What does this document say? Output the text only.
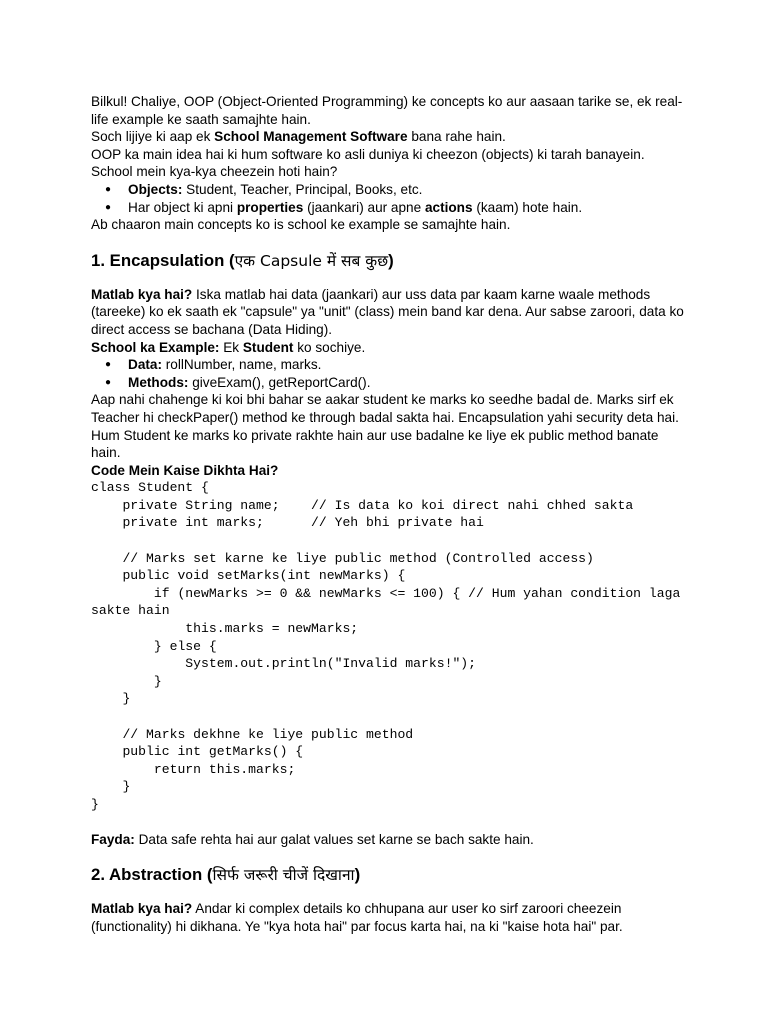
Bilkul! Chaliye, OOP (Object-Oriented Programming) ke concepts ko aur aasaan tarike se, ek real-life example ke saath samajhte hain.

Soch lijiye ki aap ek School Management Software bana rahe hain.

OOP ka main idea hai ki hum software ko asli duniya ki cheezon (objects) ki tarah banayein.

School mein kya-kya cheezein hoti hain?

● Objects: Student, Teacher, Principal, Books, etc.
● Har object ki apni properties (jaankari) aur apne actions (kaam) hote hain.

Ab chaaron main concepts ko is school ke example se samajhte hain.

1. Encapsulation (एक Capsule में सब कुछ)

Matlab kya hai? Iska matlab hai data (jaankari) aur uss data par kaam karne waale methods (tareeke) ko ek saath ek "capsule" ya "unit" (class) mein band kar dena. Aur sabse zaroori, data ko direct access se bachana (Data Hiding).

School ka Example: Ek Student ko sochiye.

● Data: rollNumber, name, marks.
● Methods: giveExam(), getReportCard().

Aap nahi chahenge ki koi bhi bahar se aakar student ke marks ko seedhe badal de. Marks sirf ek Teacher hi checkPaper() method ke through badal sakta hai. Encapsulation yahi security deta hai. Hum Student ke marks ko private rakhte hain aur use badalne ke liye ek public method banate hain.

Code Mein Kaise Dikhta Hai?

class Student {
private String name;    // Is data ko koi direct nahi chhed sakta
private int marks;      // Yeh bhi private hai

// Marks set karne ke liye public method (Controlled access)
public void setMarks(int newMarks) {
if (newMarks >= 0 && newMarks <= 100) { // Hum yahan condition laga sakte hain
this.marks = newMarks;
} else {
System.out.println("Invalid marks!");
}
}

// Marks dekhne ke liye public method
public int getMarks() {
return this.marks;
}
}

Fayda: Data safe rehta hai aur galat values set karne se bach sakte hain.

2. Abstraction (सिर्फ जरूरी चीजें दिखाना)

Matlab kya hai? Andar ki complex details ko chhupana aur user ko sirf zaroori cheezein (functionality) hi dikhana. Ye "kya hota hai" par focus karta hai, na ki "kaise hota hai" par.
